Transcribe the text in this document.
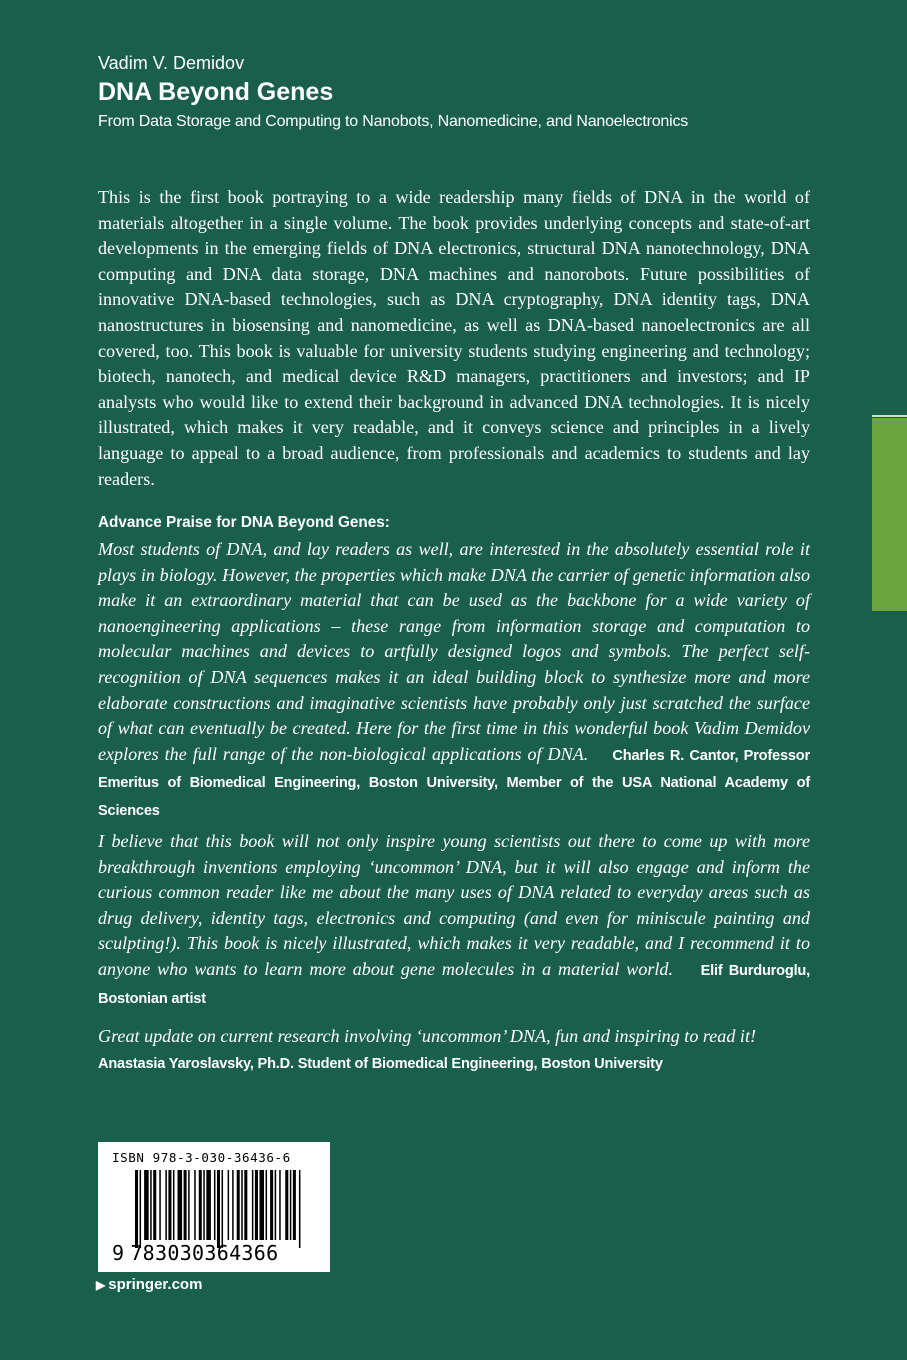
Vadim V. Demidov
DNA Beyond Genes
From Data Storage and Computing to Nanobots, Nanomedicine, and Nanoelectronics
This is the first book portraying to a wide readership many fields of DNA in the world of materials altogether in a single volume. The book provides underlying concepts and state-of-art developments in the emerging fields of DNA electronics, structural DNA nanotechnology, DNA computing and DNA data storage, DNA machines and nanorobots. Future possibilities of innovative DNA-based technologies, such as DNA cryptography, DNA identity tags, DNA nanostructures in biosensing and nanomedicine, as well as DNA-based nanoelectronics are all covered, too. This book is valuable for university students studying engineering and technology; biotech, nanotech, and medical device R&D managers, practitioners and investors; and IP analysts who would like to extend their background in advanced DNA technologies. It is nicely illustrated, which makes it very readable, and it conveys science and principles in a lively language to appeal to a broad audience, from professionals and academics to students and lay readers.
Advance Praise for DNA Beyond Genes:
Most students of DNA, and lay readers as well, are interested in the absolutely essential role it plays in biology. However, the properties which make DNA the carrier of genetic information also make it an extraordinary material that can be used as the backbone for a wide variety of nanoengineering applications – these range from information storage and computation to molecular machines and devices to artfully designed logos and symbols. The perfect self-recognition of DNA sequences makes it an ideal building block to synthesize more and more elaborate constructions and imaginative scientists have probably only just scratched the surface of what can eventually be created. Here for the first time in this wonderful book Vadim Demidov explores the full range of the non-biological applications of DNA. Charles R. Cantor, Professor Emeritus of Biomedical Engineering, Boston University, Member of the USA National Academy of Sciences
I believe that this book will not only inspire young scientists out there to come up with more breakthrough inventions employing ‘uncommon’ DNA, but it will also engage and inform the curious common reader like me about the many uses of DNA related to everyday areas such as drug delivery, identity tags, electronics and computing (and even for miniscule painting and sculpting!). This book is nicely illustrated, which makes it very readable, and I recommend it to anyone who wants to learn more about gene molecules in a material world. Elif Burduroglu, Bostonian artist
Great update on current research involving ‘uncommon’ DNA, fun and inspiring to read it!
Anastasia Yaroslavsky, Ph.D. Student of Biomedical Engineering, Boston University
ISBN 978-3-030-36436-6
9 783030364366
▶ springer.com
